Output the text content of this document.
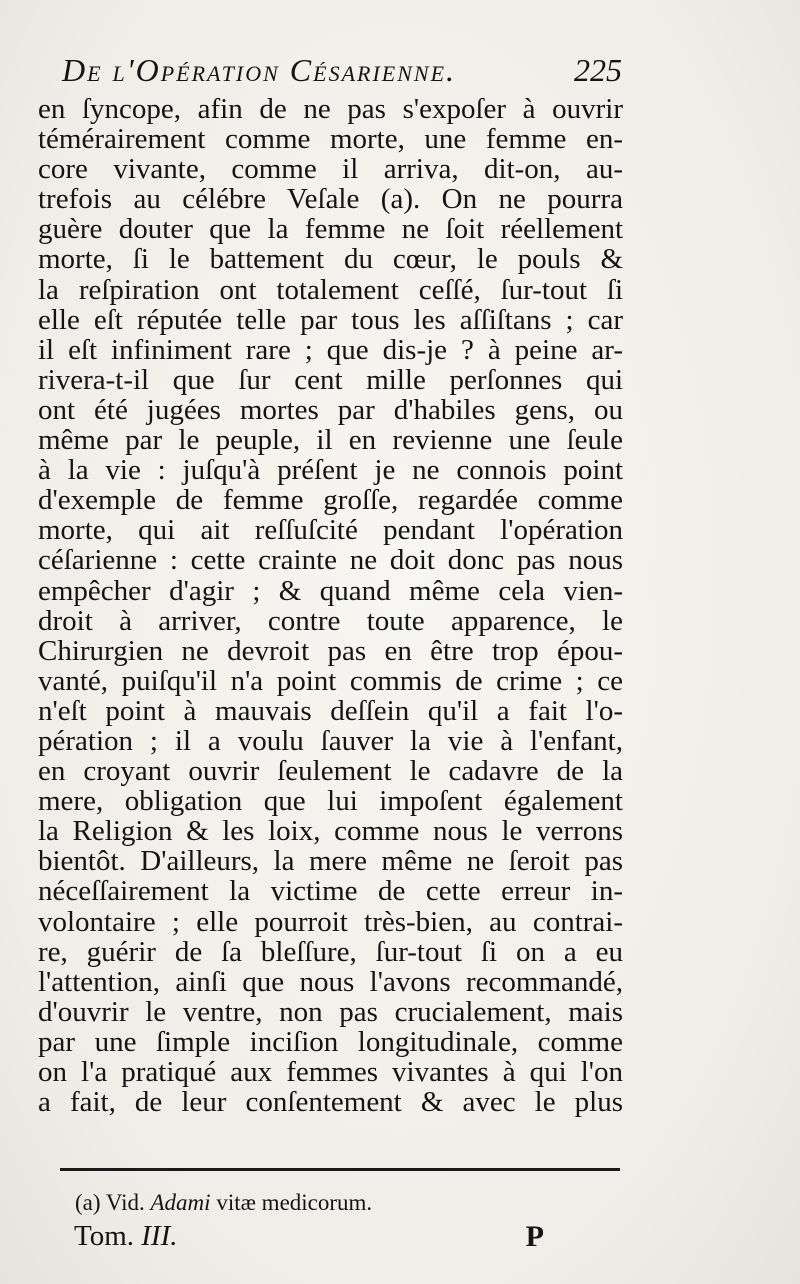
De l'Opération Césarienne.	225
en ſyncope, afin de ne pas s'expoſer à ouvrir
témérairement comme morte, une femme en-
core vivante, comme il arriva, dit-on, au-
trefois au célébre Veſale (a). On ne pourra
guère douter que la femme ne ſoit réellement
morte, ſi le battement du cœur, le pouls &
la reſpiration ont totalement ceſſé, ſur-tout ſi
elle eſt réputée telle par tous les aſſiſtans ; car
il eſt infiniment rare ; que dis-je ? à peine ar-
rivera-t-il que ſur cent mille perſonnes qui
ont été jugées mortes par d'habiles gens, ou
même par le peuple, il en revienne une ſeule
à la vie : juſqu'à préſent je ne connois point
d'exemple de femme groſſe, regardée comme
morte, qui ait reſſuſcité pendant l'opération
céſarienne : cette crainte ne doit donc pas nous
empêcher d'agir ; & quand même cela vien-
droit à arriver, contre toute apparence, le
Chirurgien ne devroit pas en être trop épou-
vanté, puiſqu'il n'a point commis de crime ; ce
n'eſt point à mauvais deſſein qu'il a fait l'o-
pération ; il a voulu ſauver la vie à l'enfant,
en croyant ouvrir ſeulement le cadavre de la
mere, obligation que lui impoſent également
la Religion & les loix, comme nous le verrons
bientôt. D'ailleurs, la mere même ne ſeroit pas
néceſſairement la victime de cette erreur in-
volontaire ; elle pourroit très-bien, au contrai-
re, guérir de ſa bleſſure, ſur-tout ſi on a eu
l'attention, ainſi que nous l'avons recommandé,
d'ouvrir le ventre, non pas crucialement, mais
par une ſimple inciſion longitudinale, comme
on l'a pratiqué aux femmes vivantes à qui l'on
a fait, de leur conſentement & avec le plus
(a) Vid. Adami vitæ medicorum.
Tom. III.	P
